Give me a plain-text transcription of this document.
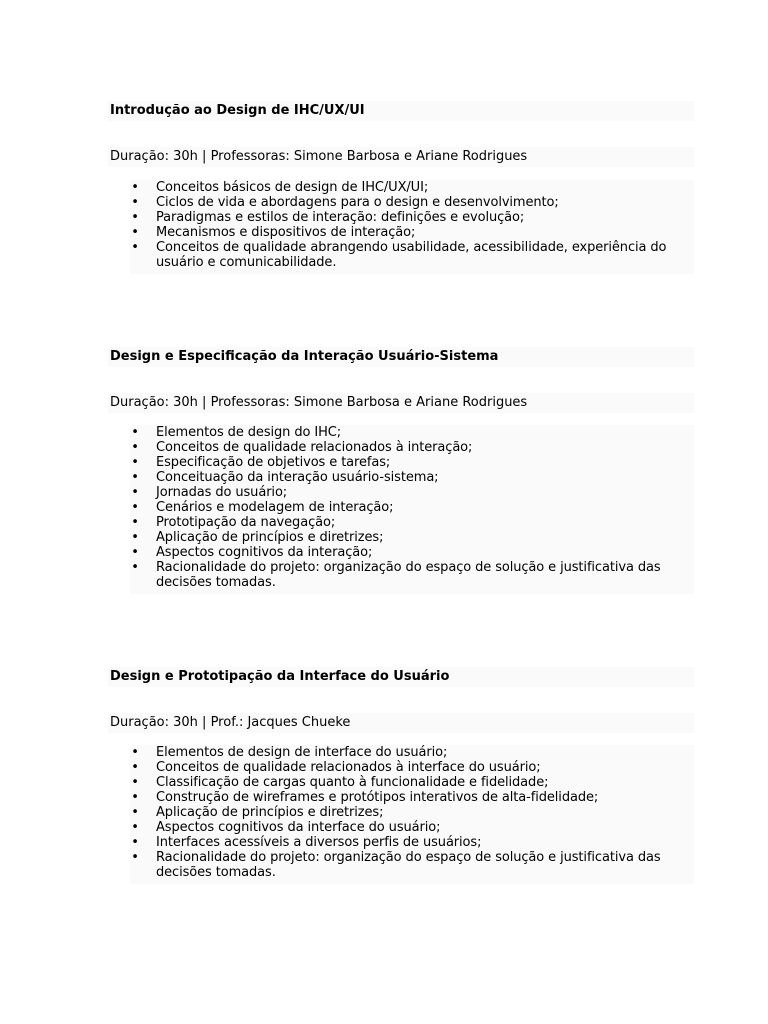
Introdução ao Design de IHC/UX/UI
Duração: 30h | Professoras: Simone Barbosa e Ariane Rodrigues
• Conceitos básicos de design de IHC/UX/UI;
• Ciclos de vida e abordagens para o design e desenvolvimento;
• Paradigmas e estilos de interação: definições e evolução;
• Mecanismos e dispositivos de interação;
• Conceitos de qualidade abrangendo usabilidade, acessibilidade, experiência do usuário e comunicabilidade.
Design e Especificação da Interação Usuário-Sistema
Duração: 30h | Professoras: Simone Barbosa e Ariane Rodrigues
• Elementos de design do IHC;
• Conceitos de qualidade relacionados à interação;
• Especificação de objetivos e tarefas;
• Conceituação da interação usuário-sistema;
• Jornadas do usuário;
• Cenários e modelagem de interação;
• Prototipação da navegação;
• Aplicação de princípios e diretrizes;
• Aspectos cognitivos da interação;
• Racionalidade do projeto: organização do espaço de solução e justificativa das decisões tomadas.
Design e Prototipação da Interface do Usuário
Duração: 30h | Prof.: Jacques Chueke
• Elementos de design de interface do usuário;
• Conceitos de qualidade relacionados à interface do usuário;
• Classificação de cargas quanto à funcionalidade e fidelidade;
• Construção de wireframes e protótipos interativos de alta-fidelidade;
• Aplicação de princípios e diretrizes;
• Aspectos cognitivos da interface do usuário;
• Interfaces acessíveis a diversos perfis de usuários;
• Racionalidade do projeto: organização do espaço de solução e justificativa das decisões tomadas.
